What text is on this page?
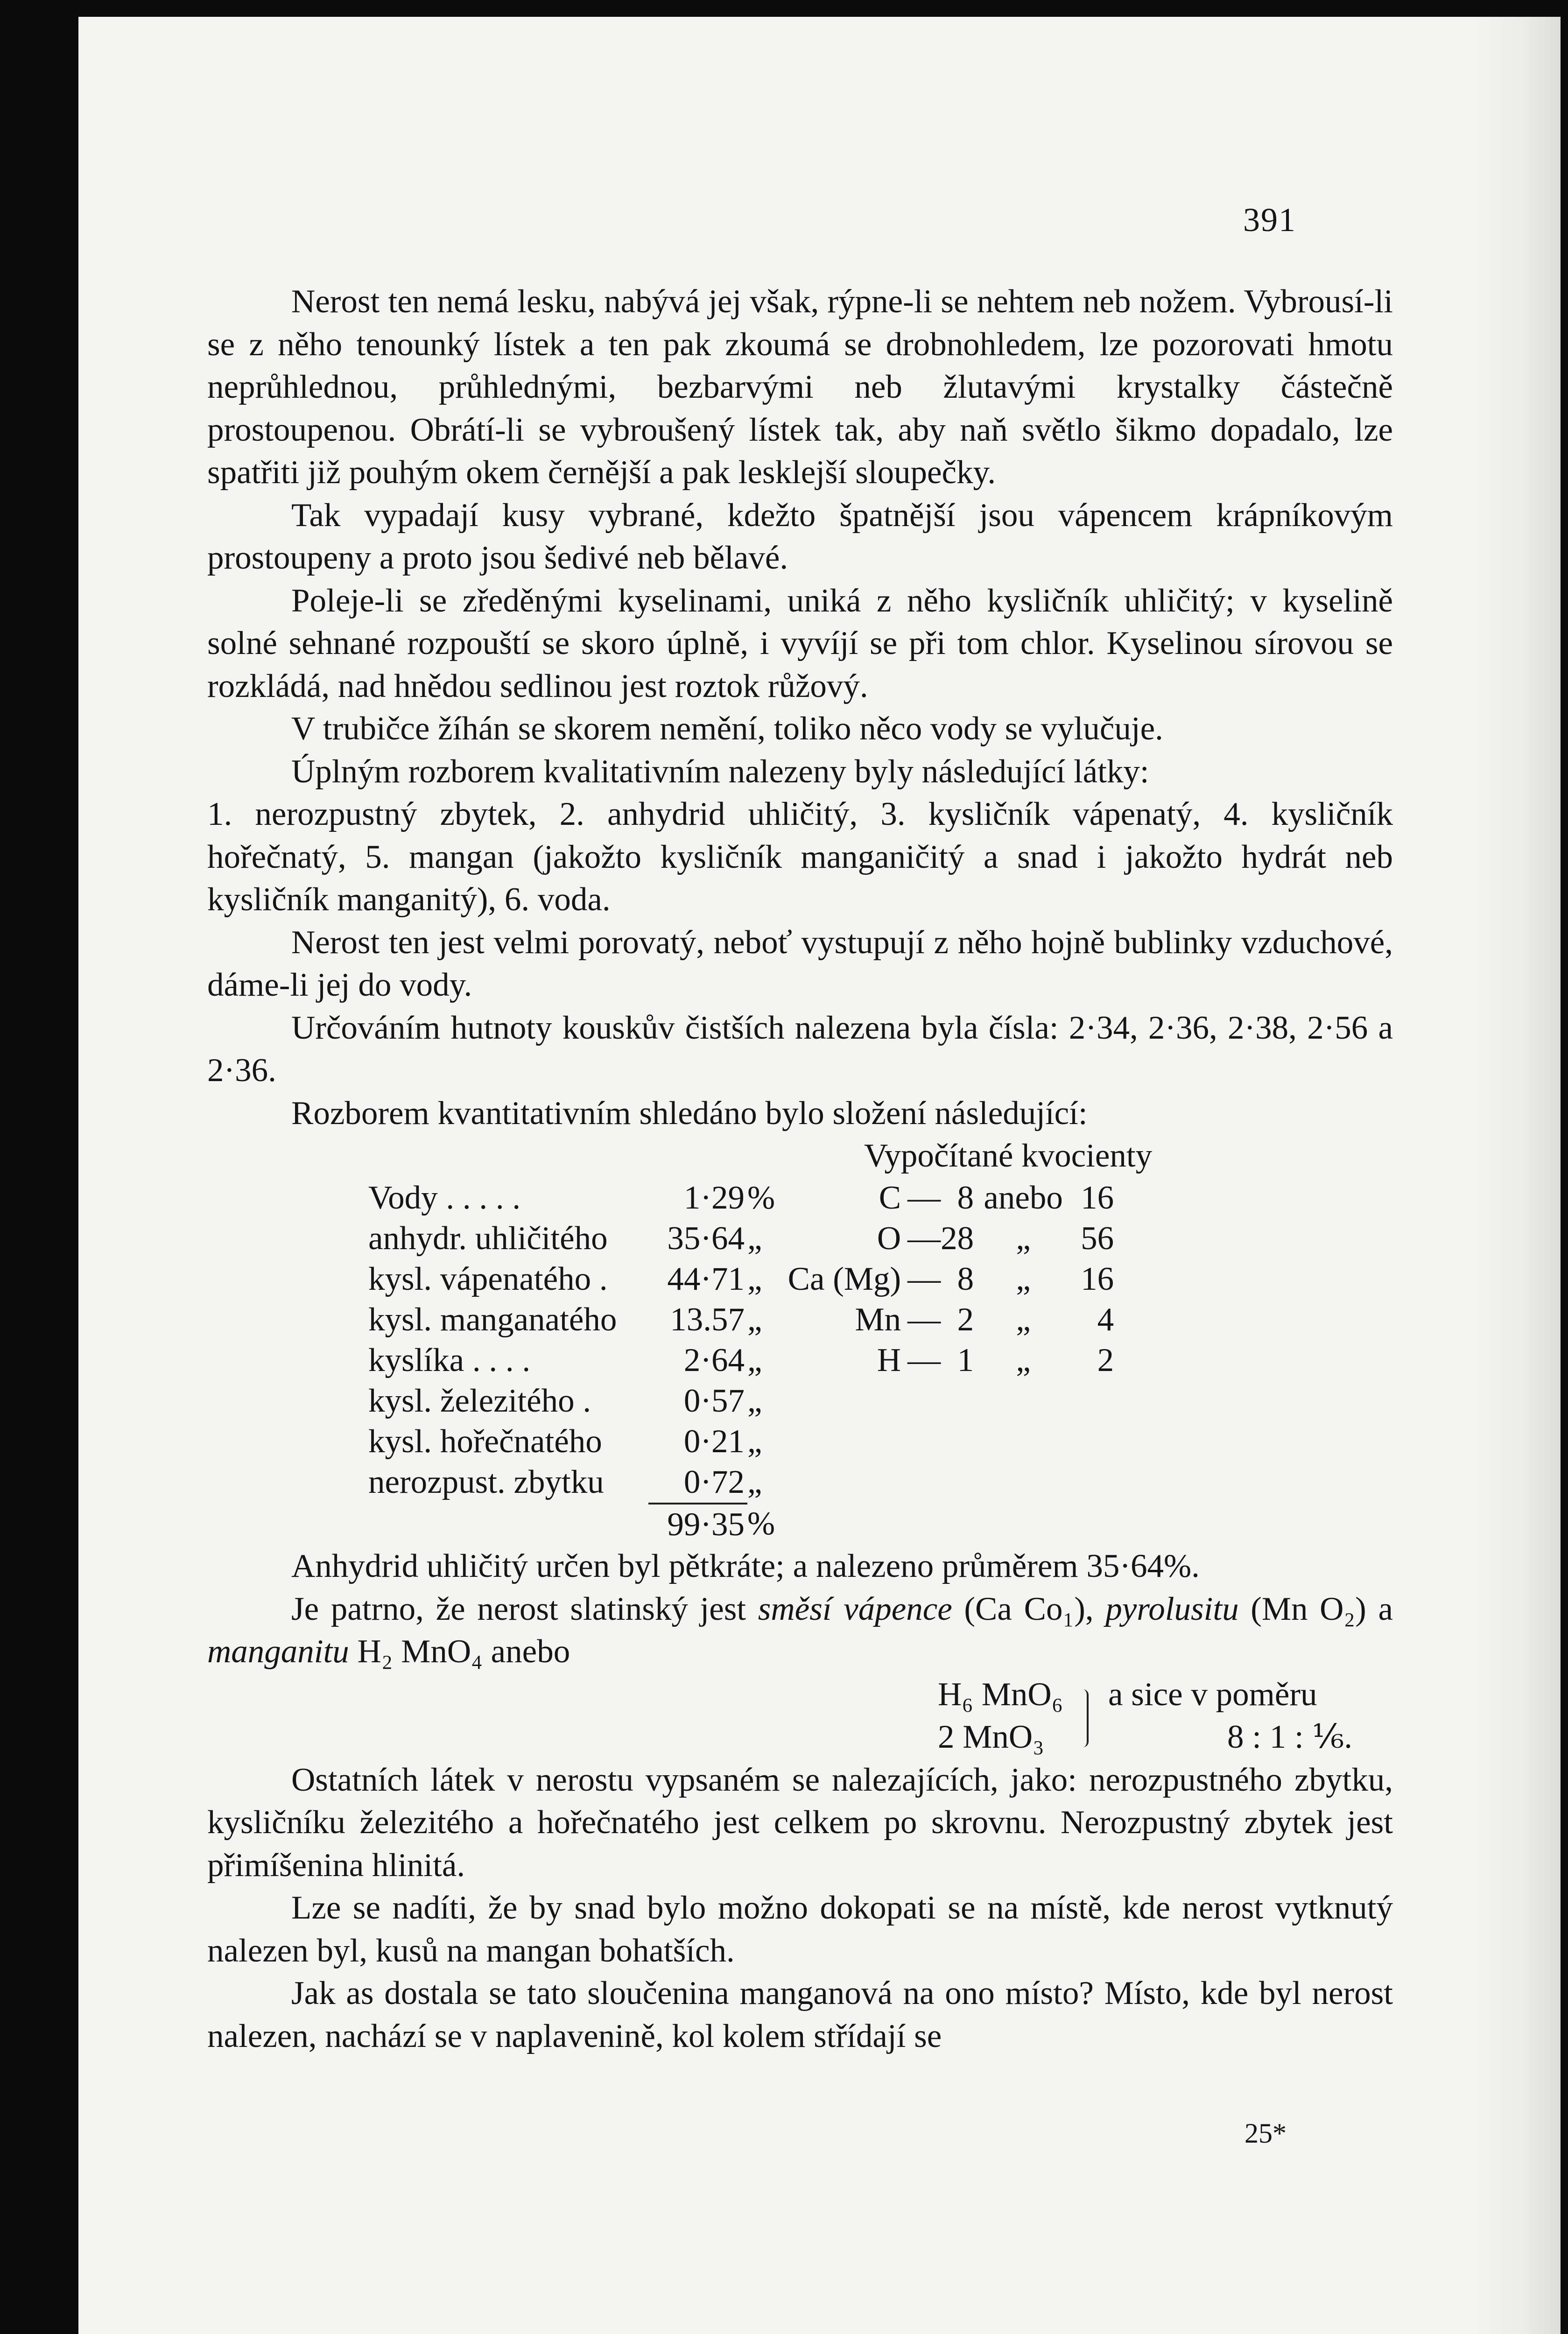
391

Nerost ten nemá lesku, nabývá jej však, rýpne-li se nehtem neb nožem. Vybrousí-li se z něho tenounký lístek a ten pak zkoumá se drobnohledem, lze pozorovati hmotu neprůhlednou, průhlednými, bezbarvými neb žlutavými krystalky částečně prostoupenou. Obrátí-li se vybroušený lístek tak, aby naň světlo šikmo dopadalo, lze spatřiti již pouhým okem černější a pak lesklejší sloupečky.

Tak vypadají kusy vybrané, kdežto špatnější jsou vápencem krápníkovým prostoupeny a proto jsou šedivé neb bělavé.

Poleje-li se zředěnými kyselinami, uniká z něho kysličník uhličitý; v kyselině solné sehnané rozpouští se skoro úplně, i vyvíjí se při tom chlor. Kyselinou sírovou se rozkládá, nad hnědou sedlinou jest roztok růžový.

V trubičce žíhán se skorem nemění, toliko něco vody se vylučuje.

Úplným rozborem kvalitativním nalezeny byly následující látky:

1. nerozpustný zbytek, 2. anhydrid uhličitý, 3. kysličník vápenatý, 4. kysličník hořečnatý, 5. mangan (jakožto kysličník manganičitý a snad i jakožto hydrát neb kysličník manganitý), 6. voda.

Nerost ten jest velmi porovatý, neboť vystupují z něho hojně bublinky vzduchové, dáme-li jej do vody.

Určováním hutnoty kouskův čistších nalezena byla čísla: 2·34, 2·36, 2·38, 2·56 a 2·36.

Rozborem kvantitativním shledáno bylo složení následující:

Vypočítané kvocienty
Vody . . . . .	1·29	%	C	—	8	anebo	16
anhydr. uhličitého	35·64	„	O	—	28	„	56
kysl. vápenatého .	44·71	„	Ca (Mg)	—	8	„	16
kysl. manganatého	13.57	„	Mn	—	2	„	4
kyslíka . . . .	2·64	„	H	—	1	„	2
kysl. železitého .	0·57	„					
kysl. hořečnatého	0·21	„					
nerozpust. zbytku	0·72	„					
	99·35	%					

Anhydrid uhličitý určen byl pětkráte; a nalezeno průměrem 35·64%.

Je patrno, že nerost slatinský jest směsí vápence (Ca Co₁), pyrolusitu (Mn O₂) a manganitu H₂ MnO₄ anebo

H₆ MnO₆
2 MnO₃
a sice v poměru
8 : 1 : ⅙.

Ostatních látek v nerostu vypsaném se nalezajících, jako: nerozpustného zbytku, kysličníku železitého a hořečnatého jest celkem po skrovnu. Nerozpustný zbytek jest přimíšenina hlinitá.

Lze se nadíti, že by snad bylo možno dokopati se na místě, kde nerost vytknutý nalezen byl, kusů na mangan bohatších.

Jak as dostala se tato sloučenina manganová na ono místo? Místo, kde byl nerost nalezen, nachází se v naplavenině, kol kolem střídají se

25*
